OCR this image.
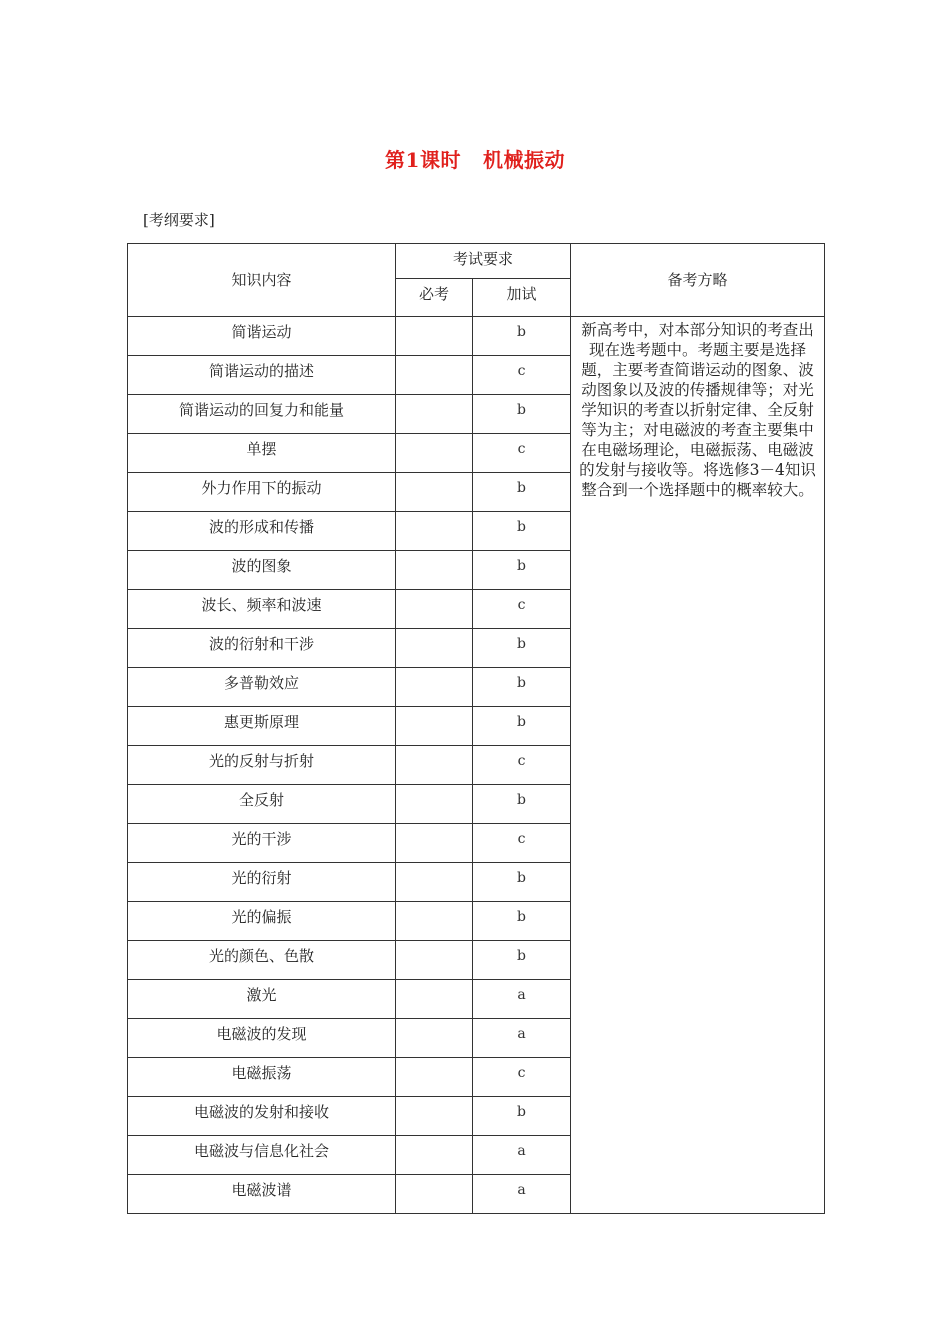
第1课时 机械振动
[考纲要求]
知识内容	考试要求		备考方略
	必考	加试	
简谐运动		b	新高考中，对本部分知识的考查出现在选考题中。考题主要是选择题，主要考查简谐运动的图象、波动图象以及波的传播规律等；对光学知识的考查以折射定律、全反射等为主；对电磁波的考查主要集中在电磁场理论，电磁振荡、电磁波的发射与接收等。将选修3－4知识整合到一个选择题中的概率较大。
简谐运动的描述		c	
简谐运动的回复力和能量		b	
单摆		c	
外力作用下的振动		b	
波的形成和传播		b	
波的图象		b	
波长、频率和波速		c	
波的衍射和干涉		b	
多普勒效应		b	
惠更斯原理		b	
光的反射与折射		c	
全反射		b	
光的干涉		c	
光的衍射		b	
光的偏振		b	
光的颜色、色散		b	
激光		a	
电磁波的发现		a	
电磁振荡		c	
电磁波的发射和接收		b	
电磁波与信息化社会		a	
电磁波谱		a	
